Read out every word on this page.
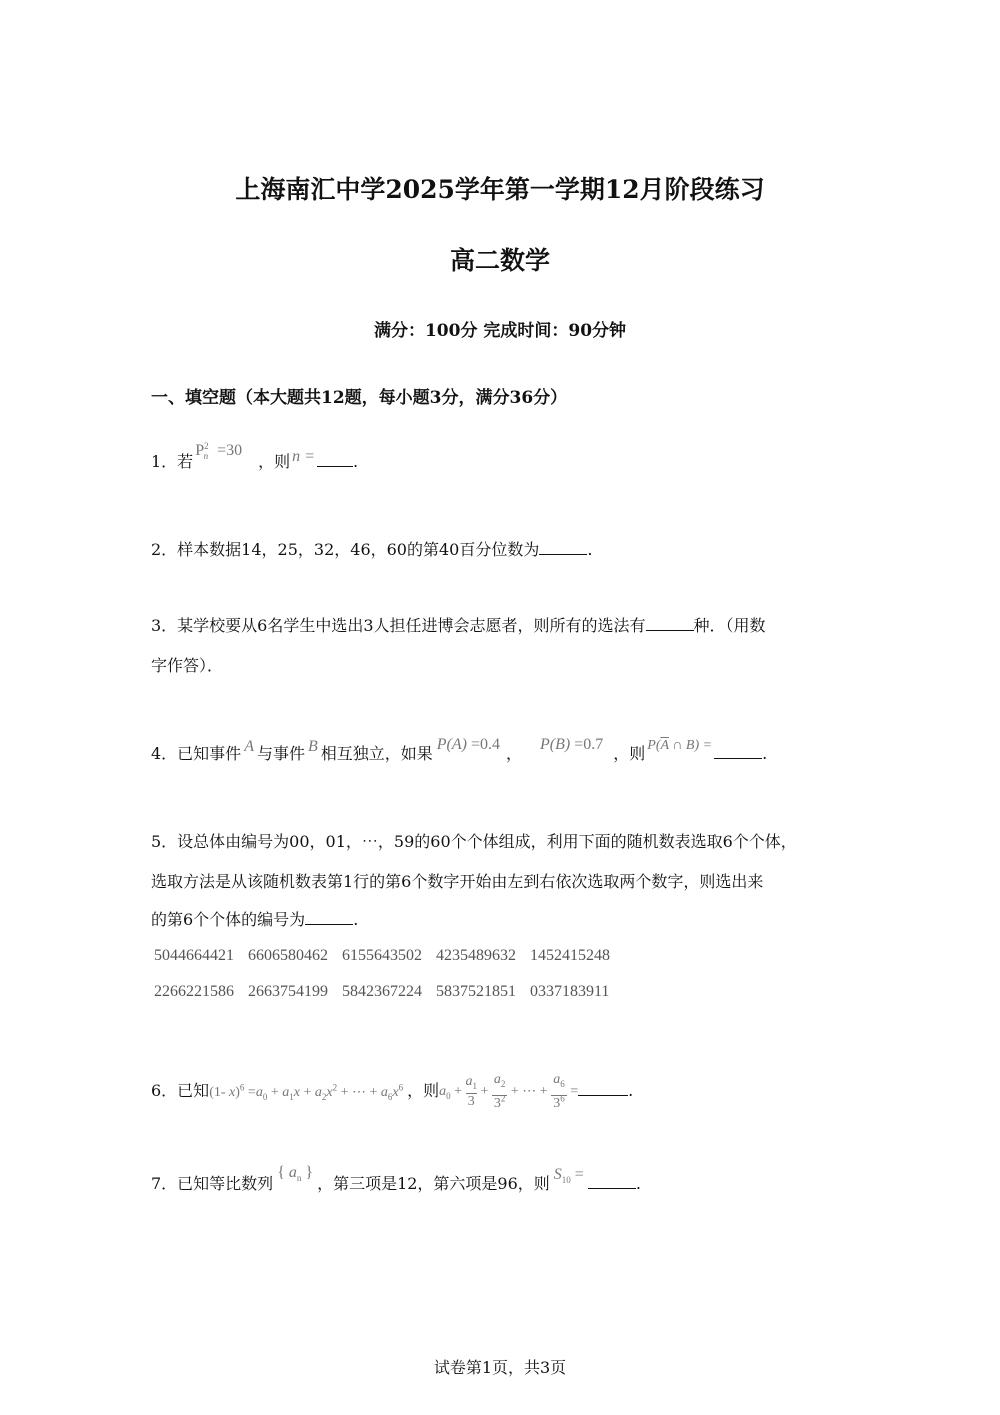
上海南汇中学2025学年第一学期12月阶段练习
高二数学
满分：100分 完成时间：90分钟
一、填空题（本大题共12题，每小题3分，满分36分）
1．若$P^2_n =30$，则 n = .
2．样本数据14，25，32，46，60的第40百分位数为	.
3．某学校要从6名学生中选出3人担任进博会志愿者，则所有的选法有	种．（用数
字作答）．
4．已知事件 A 与事件 B 相互独立，如果 P(A) =0.4 ， P(B) =0.7 ，则 $P(\overline{A}$ ∩ B) =	.
5．设总体由编号为00，01，⋯，59的60个个体组成，利用下面的随机数表选取6个个体，
选取方法是从该随机数表第1行的第6个数字开始由左到右依次选取两个数字，则选出来
的第6个个体的编号为	.
5044664421 6606580462 6155643502 4235489632 1452415248
2266221586 2663754199 5842367224 5837521851 0337183911
6．已知(1- $x)^6 =a_0 + a_1x + a_2x^2$ + ⋯ + $a_6x^6$ ，则$a_0 + a_1$
$3 + a_2$
$3^2$ + ⋯ + $a_6$
$3^6$ =	.
7．已知等比数列{ $a_n$ }，第三项是12，第六项是96，则 $S_{10}$ =	.
试卷第1页，共3页
